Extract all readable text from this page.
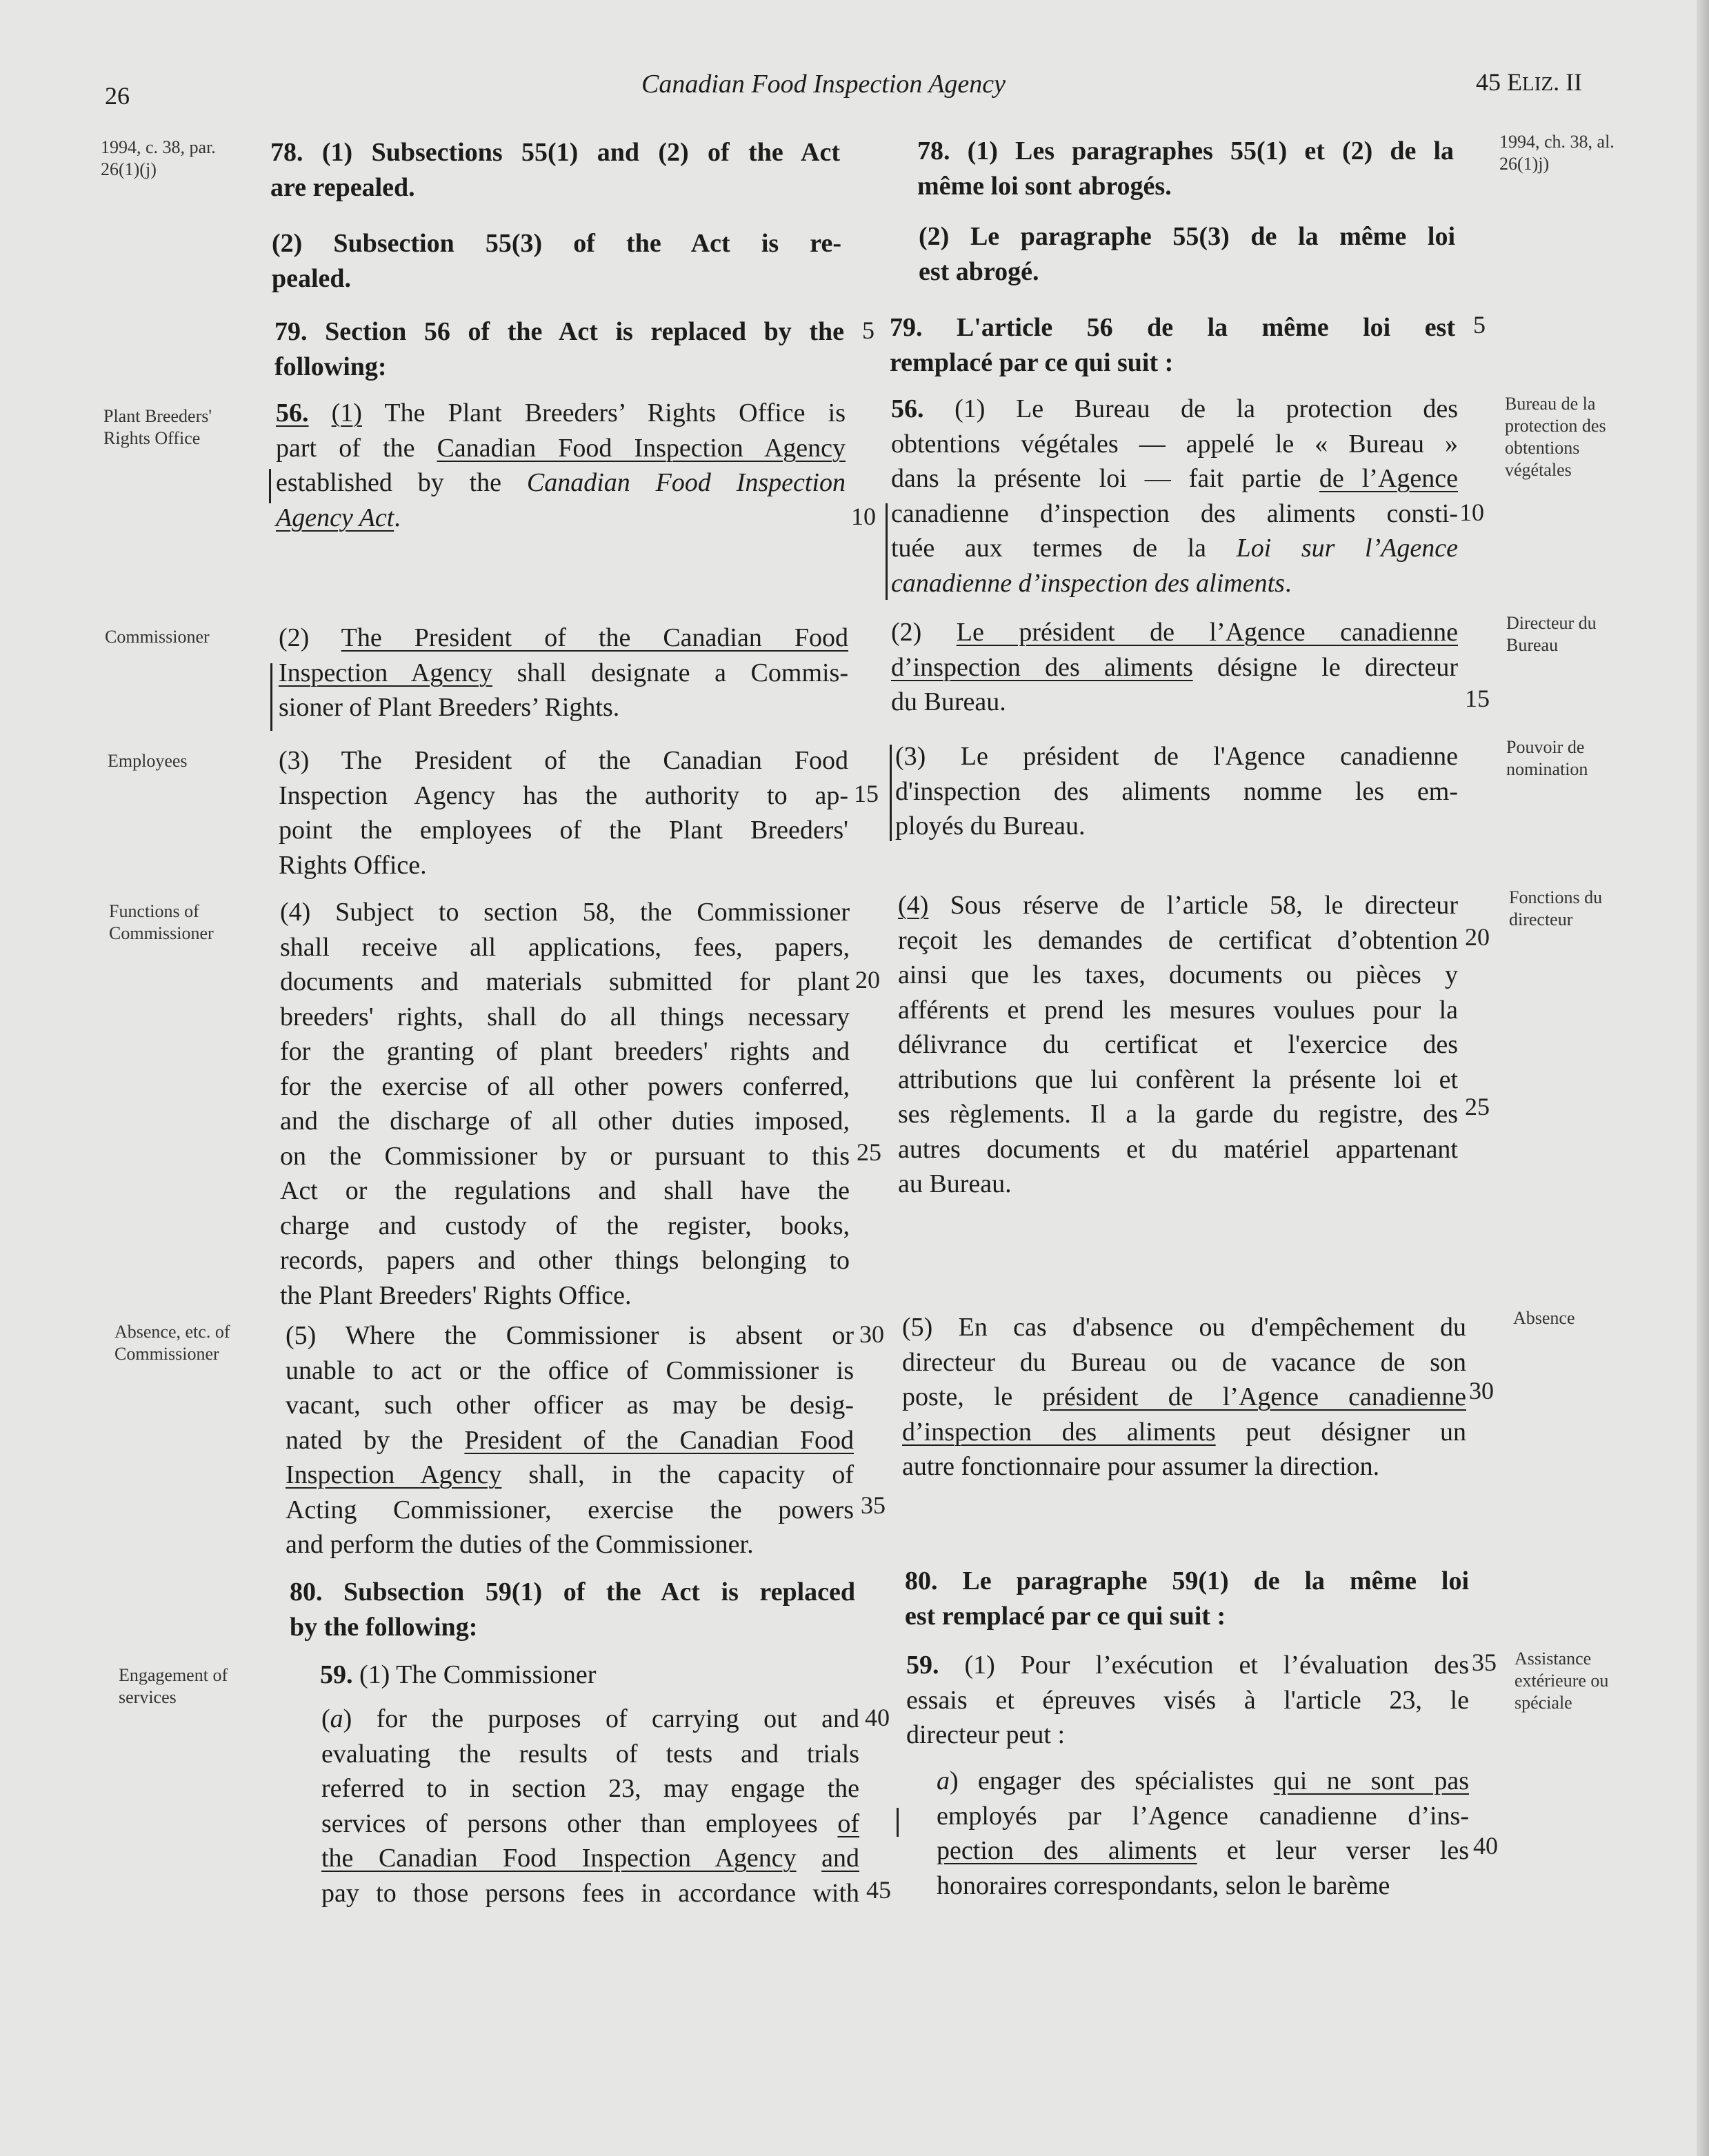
26	Canadian Food Inspection Agency	45 ELIZ. II
1994, c. 38, par. 26(1)(j)
Plant Breeders' Rights Office
Commissioner
Employees
Functions of Commissioner
Absence, etc. of Commissioner
Engagement of services
1994, ch. 38, al. 26(1)j)
Bureau de la protection des obtentions végétales
Directeur du Bureau
Pouvoir de nomination
Fonctions du directeur
Absence
Assistance extérieure ou spéciale
78. (1) Subsections 55(1) and (2) of the Act
are repealed.
(2) Subsection 55(3) of the Act is re-
pealed.
79. Section 56 of the Act is replaced by the
following:
56. (1) The Plant Breeders’ Rights Office is
part of the Canadian Food Inspection Agency
established by the Canadian Food Inspection
Agency Act.
(2) The President of the Canadian Food
Inspection Agency shall designate a Commis-
sioner of Plant Breeders’ Rights.
(3) The President of the Canadian Food
Inspection Agency has the authority to ap-
point the employees of the Plant Breeders'
Rights Office.
(4) Subject to section 58, the Commissioner
shall receive all applications, fees, papers,
documents and materials submitted for plant
breeders' rights, shall do all things necessary
for the granting of plant breeders' rights and
for the exercise of all other powers conferred,
and the discharge of all other duties imposed,
on the Commissioner by or pursuant to this
Act or the regulations and shall have the
charge and custody of the register, books,
records, papers and other things belonging to
the Plant Breeders' Rights Office.
(5) Where the Commissioner is absent or
unable to act or the office of Commissioner is
vacant, such other officer as may be desig-
nated by the President of the Canadian Food
Inspection Agency shall, in the capacity of
Acting Commissioner, exercise the powers
and perform the duties of the Commissioner.
80. Subsection 59(1) of the Act is replaced
by the following:
59. (1) The Commissioner
(a) for the purposes of carrying out and
evaluating the results of tests and trials
referred to in section 23, may engage the
services of persons other than employees of
the Canadian Food Inspection Agency and
pay to those persons fees in accordance with
5
10
15
20
25
30
35
40
45
78. (1) Les paragraphes 55(1) et (2) de la
même loi sont abrogés.
(2) Le paragraphe 55(3) de la même loi
est abrogé.
79. L'article 56 de la même loi est
remplacé par ce qui suit :
56. (1) Le Bureau de la protection des
obtentions végétales — appelé le « Bureau »
dans la présente loi — fait partie de l’Agence
canadienne d’inspection des aliments consti-
tuée aux termes de la Loi sur l’Agence
canadienne d’inspection des aliments.
(2) Le président de l’Agence canadienne
d’inspection des aliments désigne le directeur
du Bureau.
(3) Le président de l'Agence canadienne
d'inspection des aliments nomme les em-
ployés du Bureau.
(4) Sous réserve de l’article 58, le directeur
reçoit les demandes de certificat d’obtention
ainsi que les taxes, documents ou pièces y
afférents et prend les mesures voulues pour la
délivrance du certificat et l'exercice des
attributions que lui confèrent la présente loi et
ses règlements. Il a la garde du registre, des
autres documents et du matériel appartenant
au Bureau.
(5) En cas d'absence ou d'empêchement du
directeur du Bureau ou de vacance de son
poste, le président de l’Agence canadienne
d’inspection des aliments peut désigner un
autre fonctionnaire pour assumer la direction.
80. Le paragraphe 59(1) de la même loi
est remplacé par ce qui suit :
59. (1) Pour l’exécution et l’évaluation des
essais et épreuves visés à l'article 23, le
directeur peut :
a) engager des spécialistes qui ne sont pas
employés par l’Agence canadienne d’ins-
pection des aliments et leur verser les
honoraires correspondants, selon le barème
5
10
15
20
25
30
35
40
